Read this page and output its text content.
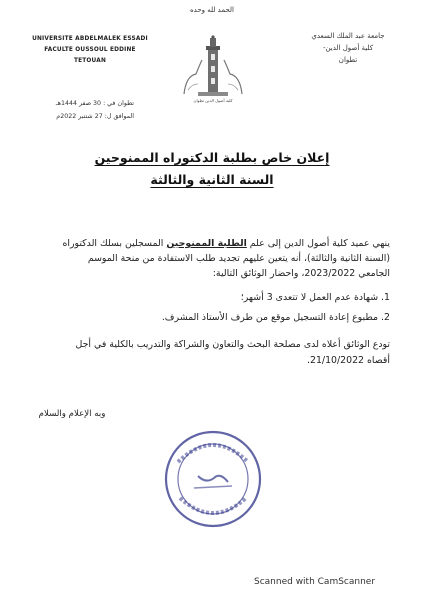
الحمد لله وحده
UNIVERSITE ABDELMALEK ESSADI
FACULTE OUSSOUL EDDINE
TETOUAN
جامعة عبد الملك السعدي
كلية أصول الدين-
تطوان
كلية أصول الدين تطوان
تطوان في : 30 صفر 1444هـ
الموافق ل: 27 شتنبر 2022م
إعلان خاص بطلبة الدكتوراه الممنوحين
السنة الثانية والثالثة
ينهي عميد كلية أصول الدين إلى علم الطلبة الممنوحين المسجلين بسلك الدكتوراه
(السنة الثانية والثالثة)، أنه يتعين عليهم تجديد طلب الاستفادة من منحة الموسم
الجامعي 2023/2022، واحضار الوثائق التالية:
1. شهادة عدم العمل لا تتعدى 3 أشهر؛
2. مطبوع إعادة التسجيل موقع من طرف الأستاذ المشرف.
تودع الوثائق أعلاه لدى مصلحة البحث والتعاون والشراكة والتدريب بالكلية في أجل
أقصاه 21/10/2022.
وبه الإعلام والسلام
Scanned with CamScanner
